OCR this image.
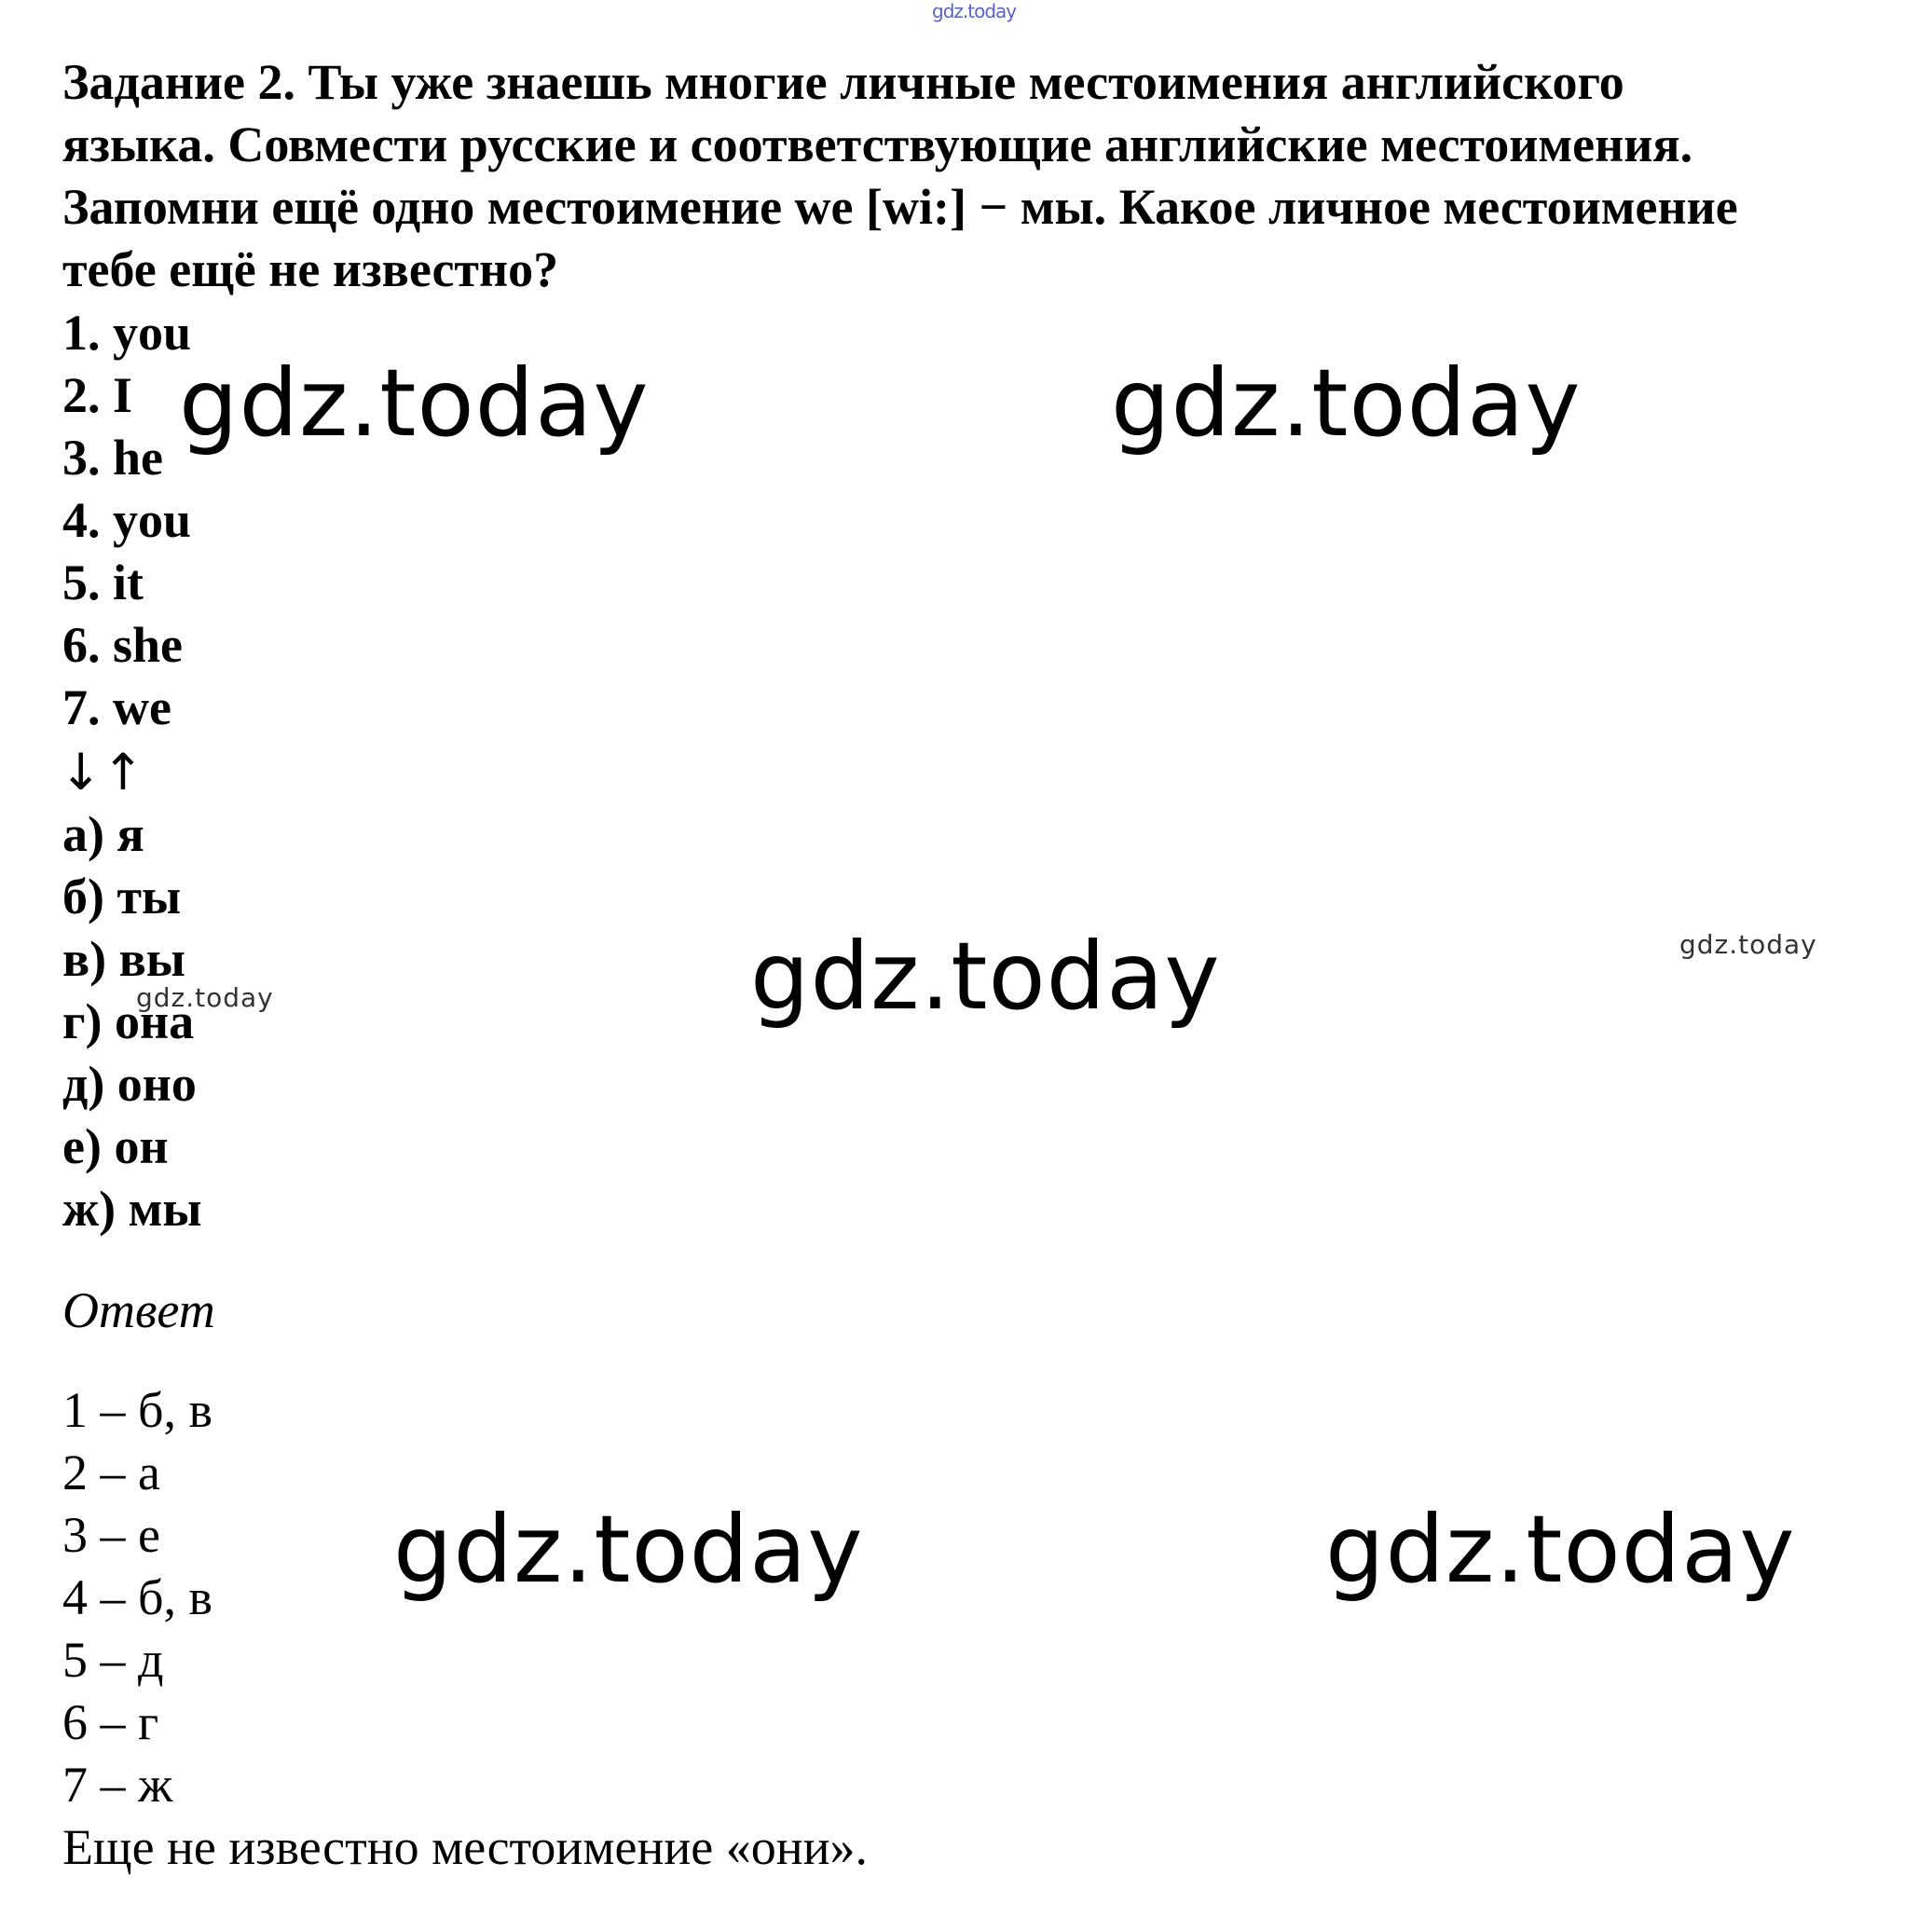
gdz.today
Задание 2. Ты уже знаешь многие личные местоимения английского
языка. Совмести русские и соответствующие английские местоимения.
Запомни ещё одно местоимение we [wi:] − мы. Какое личное местоимение
тебе ещё не известно?
1. you
2. I
3. he
4. you
5. it
6. she
7. we
↓↑
а) я
б) ты
в) вы
г) она
д) оно
е) он
ж) мы
Ответ
1 – б, в
2 – а
3 – е
4 – б, в
5 – д
6 – г
7 – ж
Еще не известно местоимение «они».
gdz.today	gdz.today
gdz.today
gdz.today	gdz.today
gdz.today
gdz.today
